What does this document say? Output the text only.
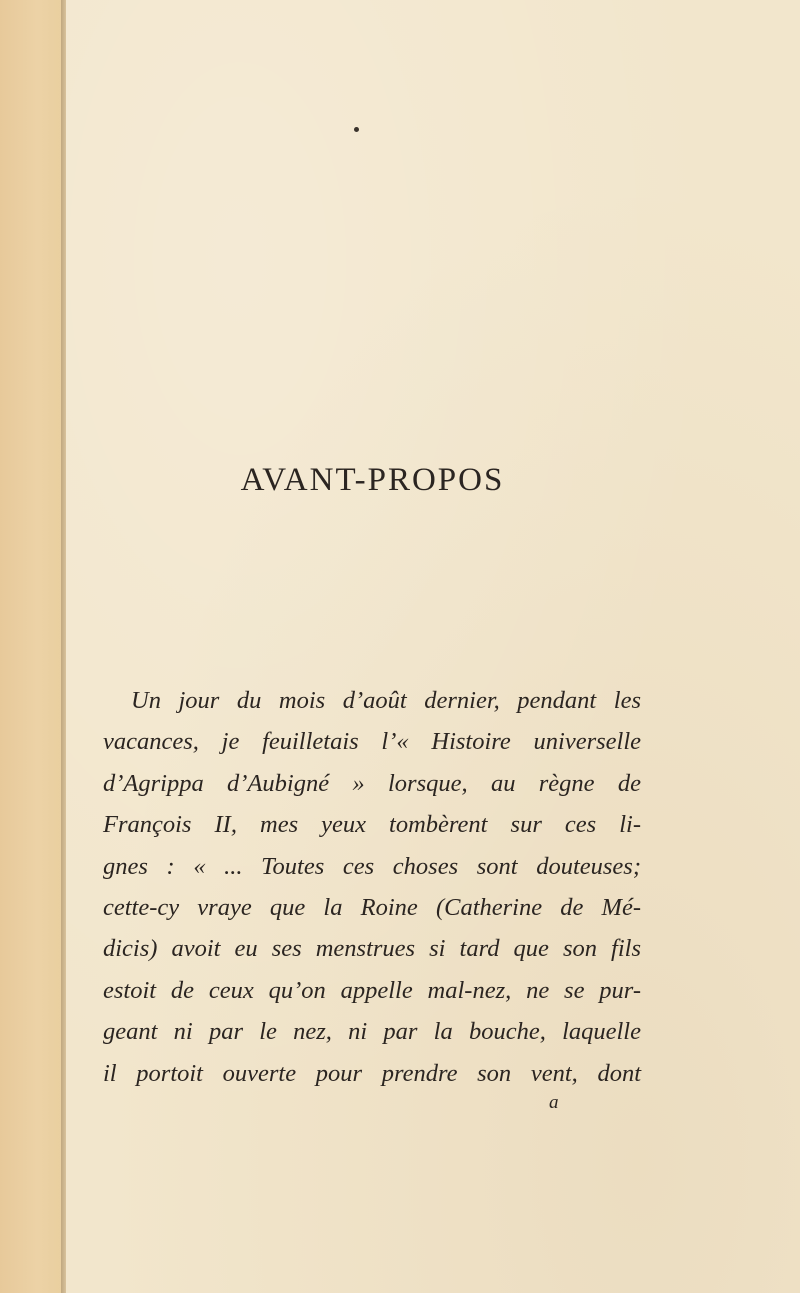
AVANT-PROPOS
Un jour du mois d’août dernier, pendant les
vacances, je feuilletais l’« Histoire universelle
d’Agrippa d’Aubigné » lorsque, au règne de
François II, mes yeux tombèrent sur ces li-
gnes : « ... Toutes ces choses sont douteuses;
cette-cy vraye que la Roine (Catherine de Mé-
dicis) avoit eu ses menstrues si tard que son fils
estoit de ceux qu’on appelle mal-nez, ne se pur-
geant ni par le nez, ni par la bouche, laquelle
il portoit ouverte pour prendre son vent, dont
a
